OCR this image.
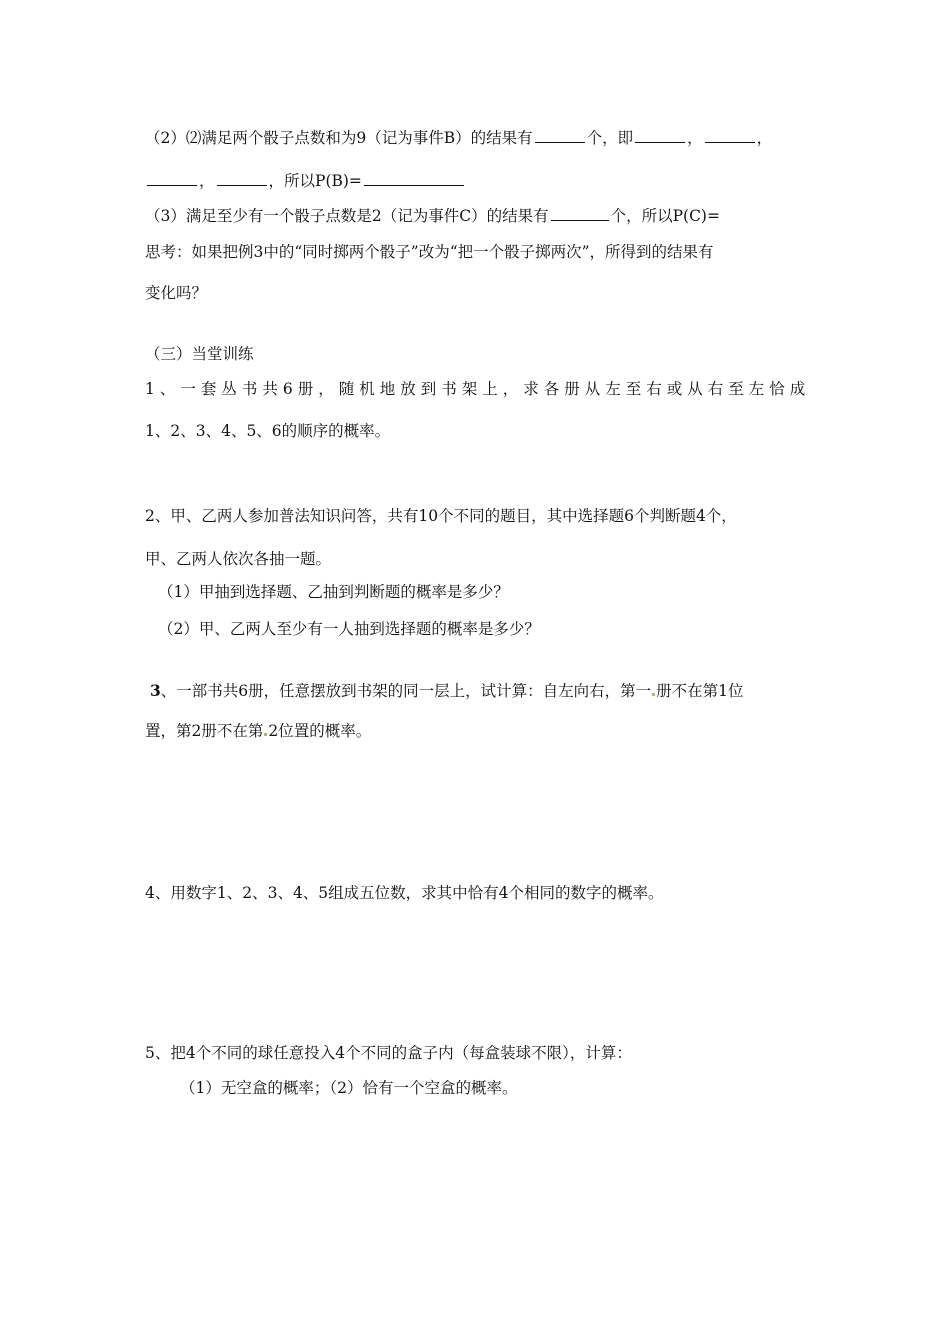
（2）⑵满足两个骰子点数和为9（记为事件B）的结果有	个，即	，	，
，	，所以P(B)=
（3）满足至少有一个骰子点数是2（记为事件C）的结果有	个，所以P(C)=
思考：如果把例3中的“同时掷两个骰子”改为“把一个骰子掷两次”，所得到的结果有
变化吗？
（三）当堂训练
1、一套丛书共6册，随机地放到书架上，求各册从左至右或从右至左恰成
1、2、3、4、5、6的顺序的概率。
2、甲、乙两人参加普法知识问答，共有10个不同的题目，其中选择题6个判断题4个，
甲、乙两人依次各抽一题。
（1）甲抽到选择题、乙抽到判断题的概率是多少？
（2）甲、乙两人至少有一人抽到选择题的概率是多少？
3、一部书共6册，任意摆放到书架的同一层上，试计算：自左向右，第一 册不在第1位
置，第2册不在第 2位置的概率。
4、用数字1、2、3、4、5组成五位数，求其中恰有4个相同的数字的概率。
5、把4个不同的球任意投入4个不同的盒子内（每盒装球不限），计算：
（1）无空盒的概率；（2）恰有一个空盒的概率。
